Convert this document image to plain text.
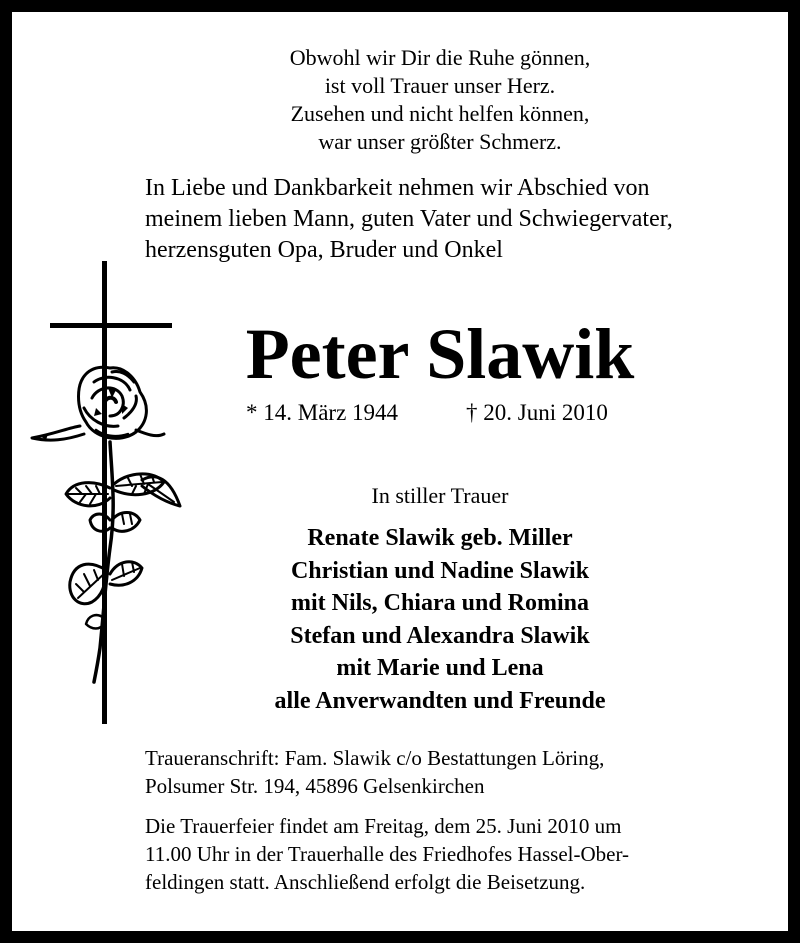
Obwohl wir Dir die Ruhe gönnen,
ist voll Trauer unser Herz.
Zusehen und nicht helfen können,
war unser größter Schmerz.
In Liebe und Dankbarkeit nehmen wir Abschied von
meinem lieben Mann, guten Vater und Schwiegervater,
herzensguten Opa, Bruder und Onkel
Peter Slawik
* 14. März 1944	† 20. Juni 2010
In stiller Trauer
Renate Slawik geb. Miller
Christian und Nadine Slawik
mit Nils, Chiara und Romina
Stefan und Alexandra Slawik
mit Marie und Lena
alle Anverwandten und Freunde
Traueranschrift: Fam. Slawik c/o Bestattungen Löring,
Polsumer Str. 194, 45896 Gelsenkirchen
Die Trauerfeier findet am Freitag, dem 25. Juni 2010 um
11.00 Uhr in der Trauerhalle des Friedhofes Hassel-Ober-
feldingen statt. Anschließend erfolgt die Beisetzung.
